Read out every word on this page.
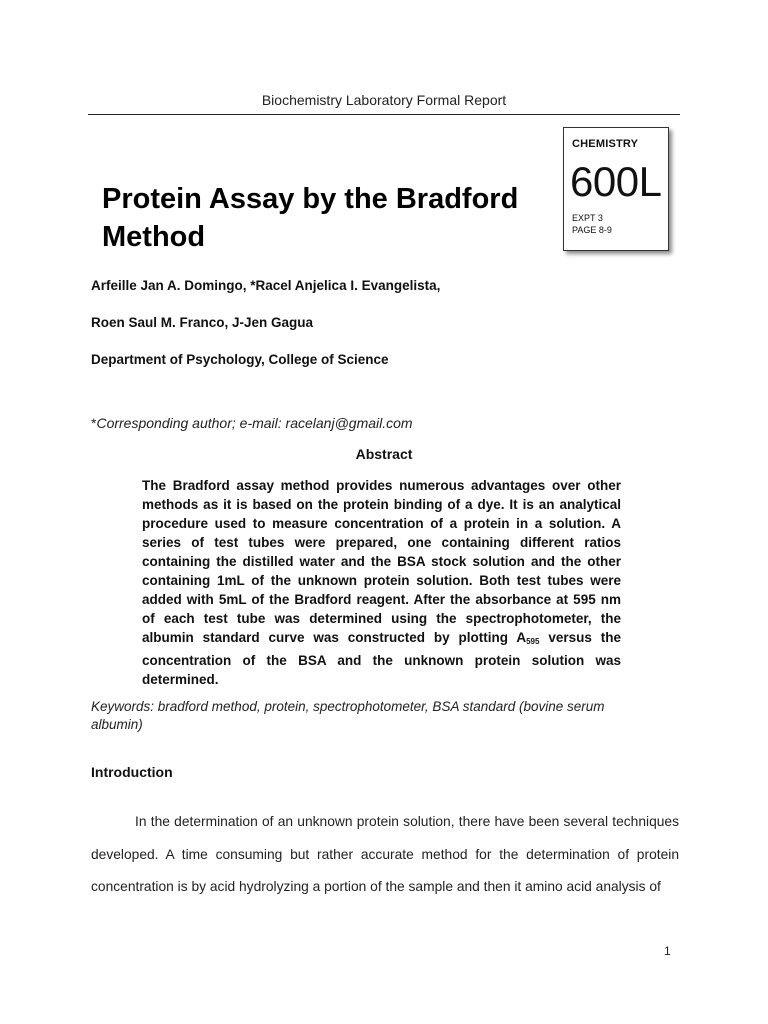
Biochemistry Laboratory Formal Report
CHEMISTRY
600L
EXPT 3
PAGE 8-9
Protein Assay by the Bradford Method
Arfeille Jan A. Domingo, *Racel Anjelica I. Evangelista,
Roen Saul M. Franco, J-Jen Gagua
Department of Psychology, College of Science
*Corresponding author; e-mail: racelanj@gmail.com
Abstract
The Bradford assay method provides numerous advantages over other methods as it is based on the protein binding of a dye. It is an analytical procedure used to measure concentration of a protein in a solution. A series of test tubes were prepared, one containing different ratios containing the distilled water and the BSA stock solution and the other containing 1mL of the unknown protein solution. Both test tubes were added with 5mL of the Bradford reagent. After the absorbance at 595 nm of each test tube was determined using the spectrophotometer, the albumin standard curve was constructed by plotting $A_{595}$ versus the concentration of the BSA and the unknown protein solution was determined.
Keywords: bradford method, protein, spectrophotometer, BSA standard (bovine serum albumin)
Introduction
In the determination of an unknown protein solution, there have been several techniques developed. A time consuming but rather accurate method for the determination of protein concentration is by acid hydrolyzing a portion of the sample and then it amino acid analysis of
1
